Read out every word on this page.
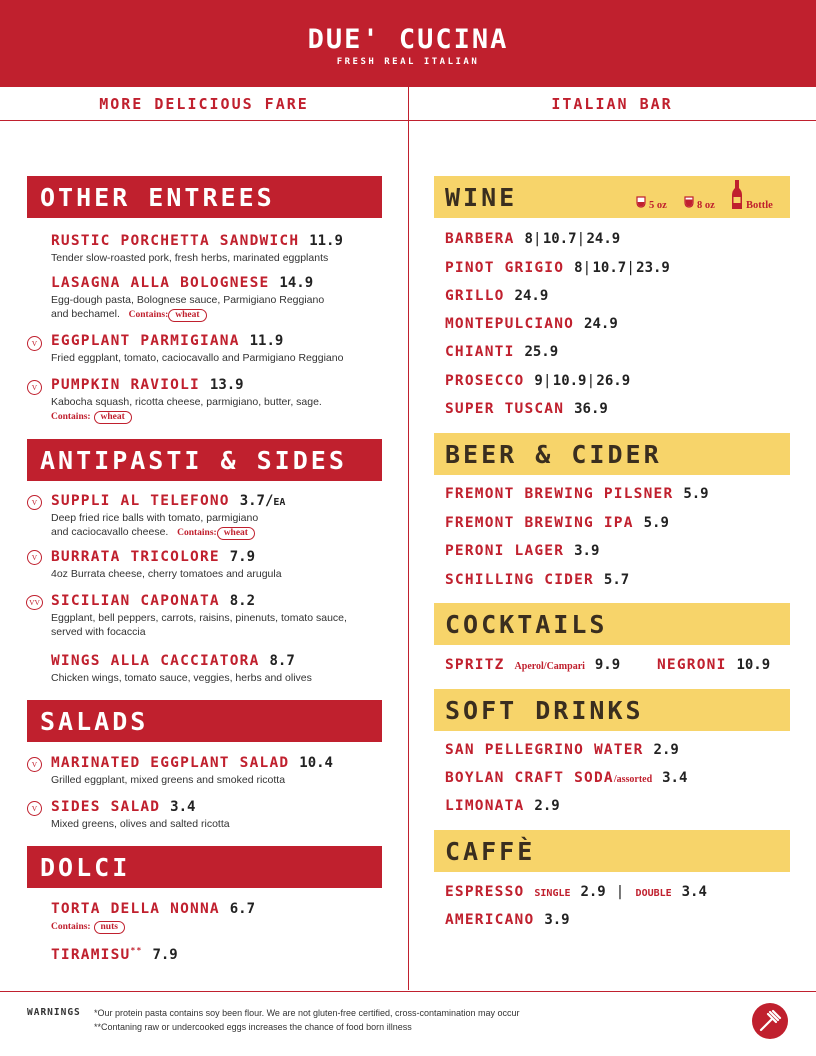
DUE' CUCINA
FRESH REAL ITALIAN
MORE DELICIOUS FARE	ITALIAN BAR
OTHER ENTREES
RUSTIC PORCHETTA SANDWICH 11.9
Tender slow-roasted pork, fresh herbs, marinated eggplants
LASAGNA ALLA BOLOGNESE 14.9
Egg-dough pasta, Bolognese sauce, Parmigiano Reggiano
and bechamel. Contains: wheat
V EGGPLANT PARMIGIANA 11.9
Fried eggplant, tomato, caciocavallo and Parmigiano Reggiano
V PUMPKIN RAVIOLI 13.9
Kabocha squash, ricotta cheese, parmigiano, butter, sage.
Contains: wheat
ANTIPASTI & SIDES
V SUPPLI AL TELEFONO 3.7/EA
Deep fried rice balls with tomato, parmigiano
and caciocavallo cheese. Contains: wheat
V BURRATA TRICOLORE 7.9
4oz Burrata cheese, cherry tomatoes and arugula
VV SICILIAN CAPONATA 8.2
Eggplant, bell peppers, carrots, raisins, pinenuts, tomato sauce,
served with focaccia
WINGS ALLA CACCIATORA 8.7
Chicken wings, tomato sauce, veggies, herbs and olives
SALADS
V MARINATED EGGPLANT SALAD 10.4
Grilled eggplant, mixed greens and smoked ricotta
V SIDES SALAD 3.4
Mixed greens, olives and salted ricotta
DOLCI
TORTA DELLA NONNA 6.7
Contains: nuts
TIRAMISU** 7.9
WINE	5 oz	8 oz	Bottle
BARBERA 8|10.7|24.9
PINOT GRIGIO 8|10.7|23.9
GRILLO 24.9
MONTEPULCIANO 24.9
CHIANTI 25.9
PROSECCO 9|10.9|26.9
SUPER TUSCAN 36.9
BEER & CIDER
FREMONT BREWING PILSNER 5.9
FREMONT BREWING IPA 5.9
PERONI LAGER 3.9
SCHILLING CIDER 5.7
COCKTAILS
SPRITZ Aperol/Campari 9.9	NEGRONI 10.9
SOFT DRINKS
SAN PELLEGRINO WATER 2.9
BOYLAN CRAFT SODA/assorted 3.4
LIMONATA 2.9
CAFFÈ
ESPRESSO SINGLE 2.9 | DOUBLE 3.4
AMERICANO 3.9
WARNINGS *Our protein pasta contains soy been flour. We are not gluten-free certified, cross-contamination may occur
**Contaning raw or undercooked eggs increases the chance of food born illness
